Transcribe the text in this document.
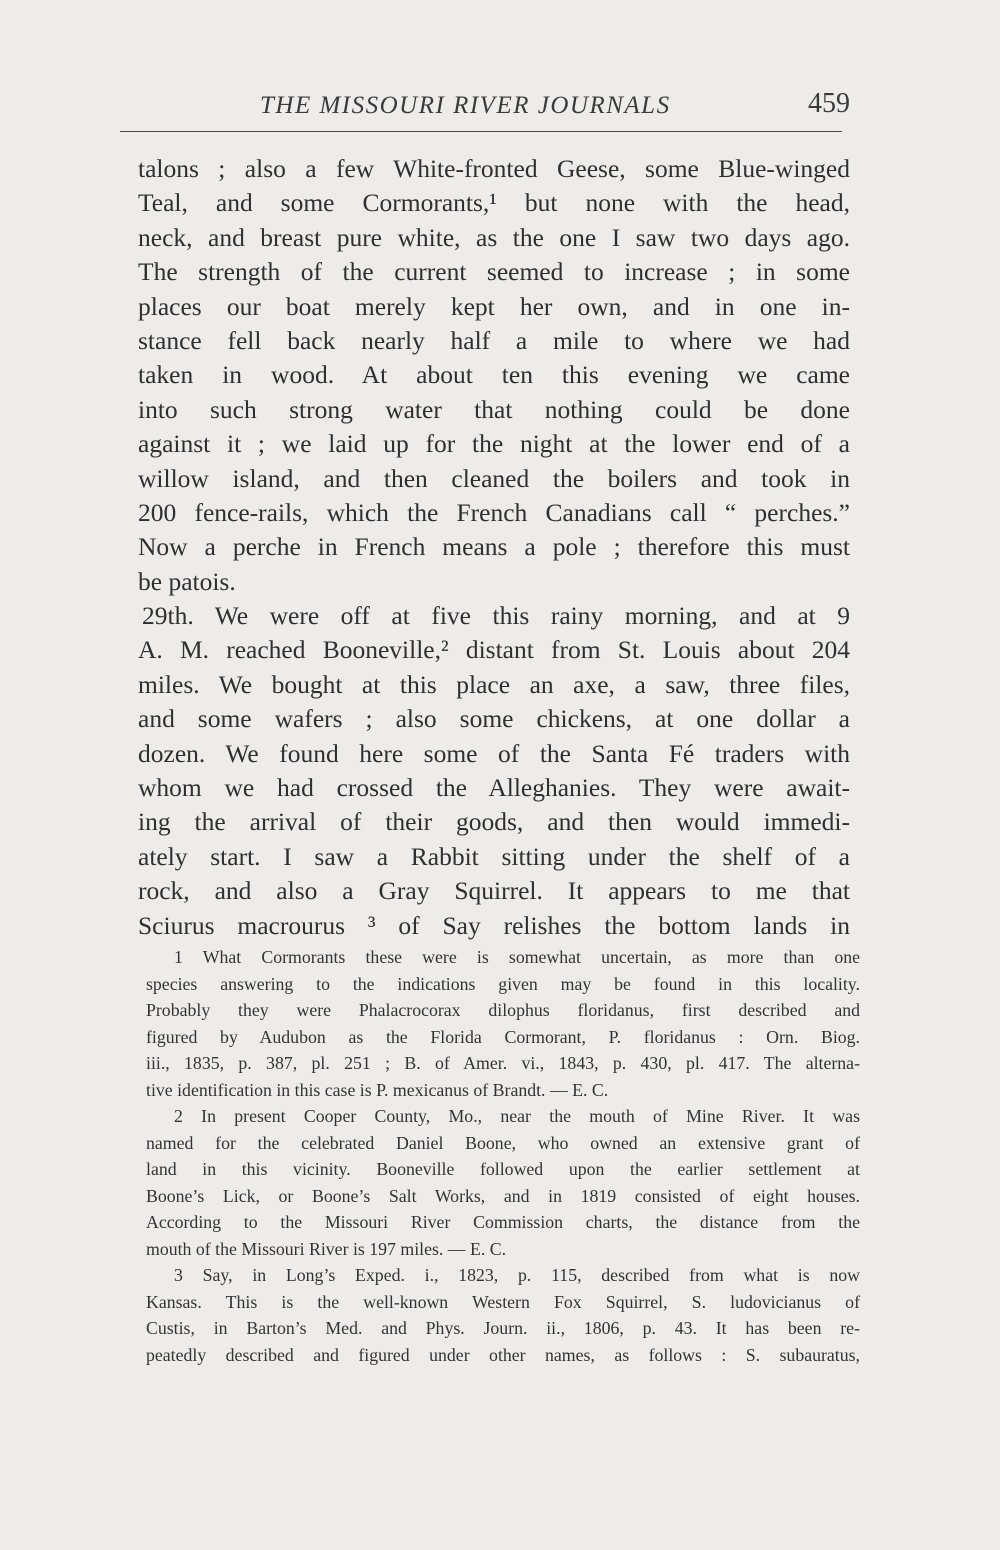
THE MISSOURI RIVER JOURNALS	459
talons ; also a few White-fronted Geese, some Blue-winged
Teal, and some Cormorants,¹ but none with the head,
neck, and breast pure white, as the one I saw two days ago.
The strength of the current seemed to increase ; in some
places our boat merely kept her own, and in one in-
stance fell back nearly half a mile to where we had
taken in wood. At about ten this evening we came
into such strong water that nothing could be done
against it ; we laid up for the night at the lower end of a
willow island, and then cleaned the boilers and took in
200 fence-rails, which the French Canadians call “ perches.”
Now a perche in French means a pole ; therefore this must
be patois.
29th. We were off at five this rainy morning, and at 9
A. M. reached Booneville,² distant from St. Louis about 204
miles. We bought at this place an axe, a saw, three files,
and some wafers ; also some chickens, at one dollar a
dozen. We found here some of the Santa Fé traders with
whom we had crossed the Alleghanies. They were await-
ing the arrival of their goods, and then would immedi-
ately start. I saw a Rabbit sitting under the shelf of a
rock, and also a Gray Squirrel. It appears to me that
Sciurus macrourus ³ of Say relishes the bottom lands in
1 What Cormorants these were is somewhat uncertain, as more than one
species answering to the indications given may be found in this locality.
Probably they were Phalacrocorax dilophus floridanus, first described and
figured by Audubon as the Florida Cormorant, P. floridanus : Orn. Biog.
iii., 1835, p. 387, pl. 251 ; B. of Amer. vi., 1843, p. 430, pl. 417. The alterna-
tive identification in this case is P. mexicanus of Brandt. — E. C.
2 In present Cooper County, Mo., near the mouth of Mine River. It was
named for the celebrated Daniel Boone, who owned an extensive grant of
land in this vicinity. Booneville followed upon the earlier settlement at
Boone’s Lick, or Boone’s Salt Works, and in 1819 consisted of eight houses.
According to the Missouri River Commission charts, the distance from the
mouth of the Missouri River is 197 miles. — E. C.
3 Say, in Long’s Exped. i., 1823, p. 115, described from what is now
Kansas. This is the well-known Western Fox Squirrel, S. ludovicianus of
Custis, in Barton’s Med. and Phys. Journ. ii., 1806, p. 43. It has been re-
peatedly described and figured under other names, as follows : S. subauratus,
